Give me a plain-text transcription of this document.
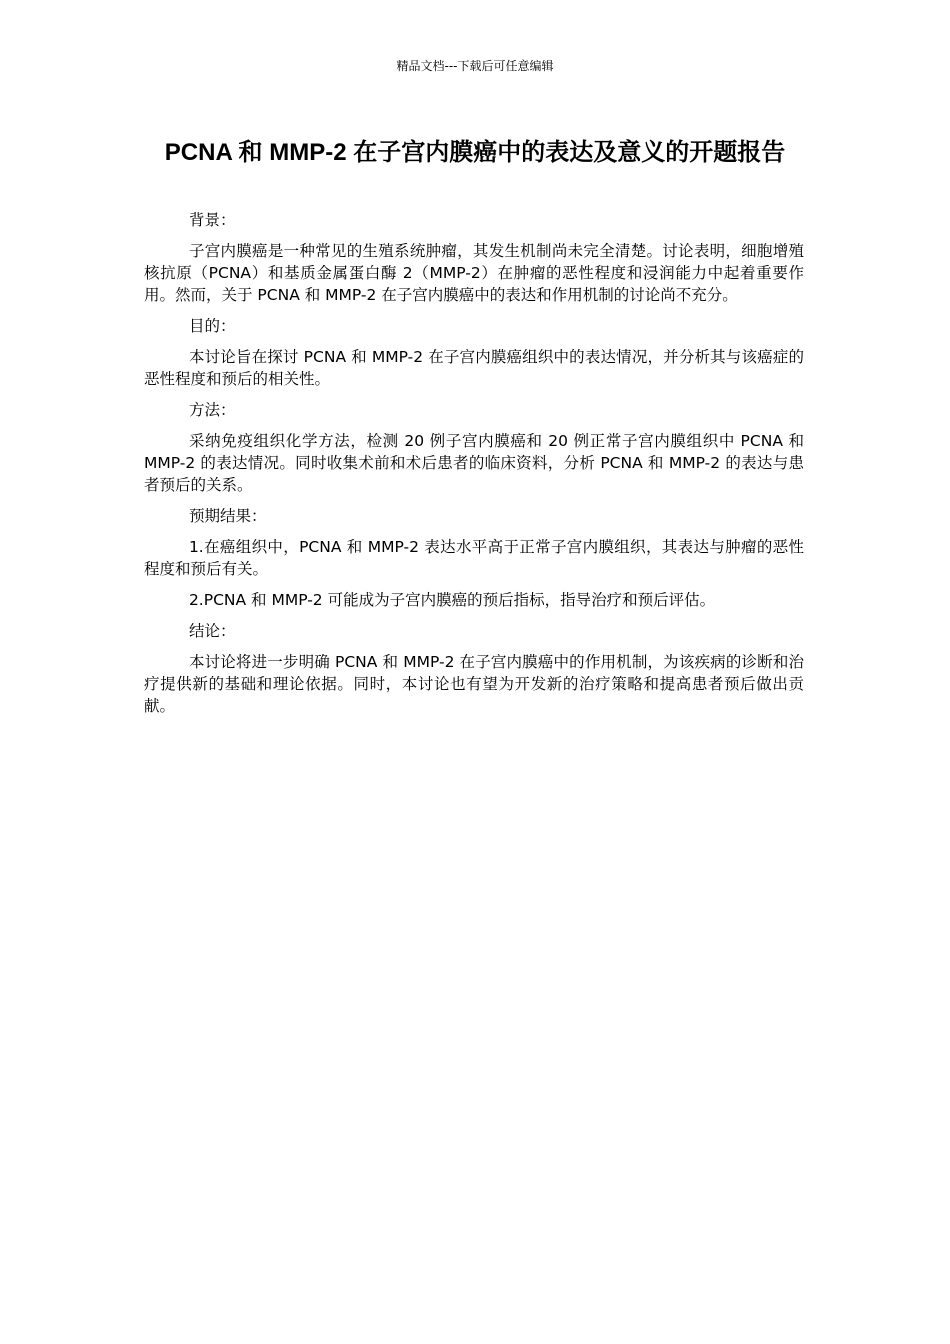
精品文档---下载后可任意编辑
PCNA 和 MMP-2 在子宫内膜癌中的表达及意义的开题报告

背景：

子宫内膜癌是一种常见的生殖系统肿瘤，其发生机制尚未完全清楚。讨论表明，细胞增殖核抗原（PCNA）和基质金属蛋白酶 2（MMP-2）在肿瘤的恶性程度和浸润能力中起着重要作用。然而，关于 PCNA 和 MMP-2 在子宫内膜癌中的表达和作用机制的讨论尚不充分。

目的：

本讨论旨在探讨 PCNA 和 MMP-2 在子宫内膜癌组织中的表达情况，并分析其与该癌症的恶性程度和预后的相关性。

方法：

采纳免疫组织化学方法，检测 20 例子宫内膜癌和 20 例正常子宫内膜组织中 PCNA 和 MMP-2 的表达情况。同时收集术前和术后患者的临床资料，分析 PCNA 和 MMP-2 的表达与患者预后的关系。

预期结果：

1.在癌组织中，PCNA 和 MMP-2 表达水平高于正常子宫内膜组织，其表达与肿瘤的恶性程度和预后有关。

2.PCNA 和 MMP-2 可能成为子宫内膜癌的预后指标，指导治疗和预后评估。

结论：

本讨论将进一步明确 PCNA 和 MMP-2 在子宫内膜癌中的作用机制，为该疾病的诊断和治疗提供新的基础和理论依据。同时，本讨论也有望为开发新的治疗策略和提高患者预后做出贡献。
